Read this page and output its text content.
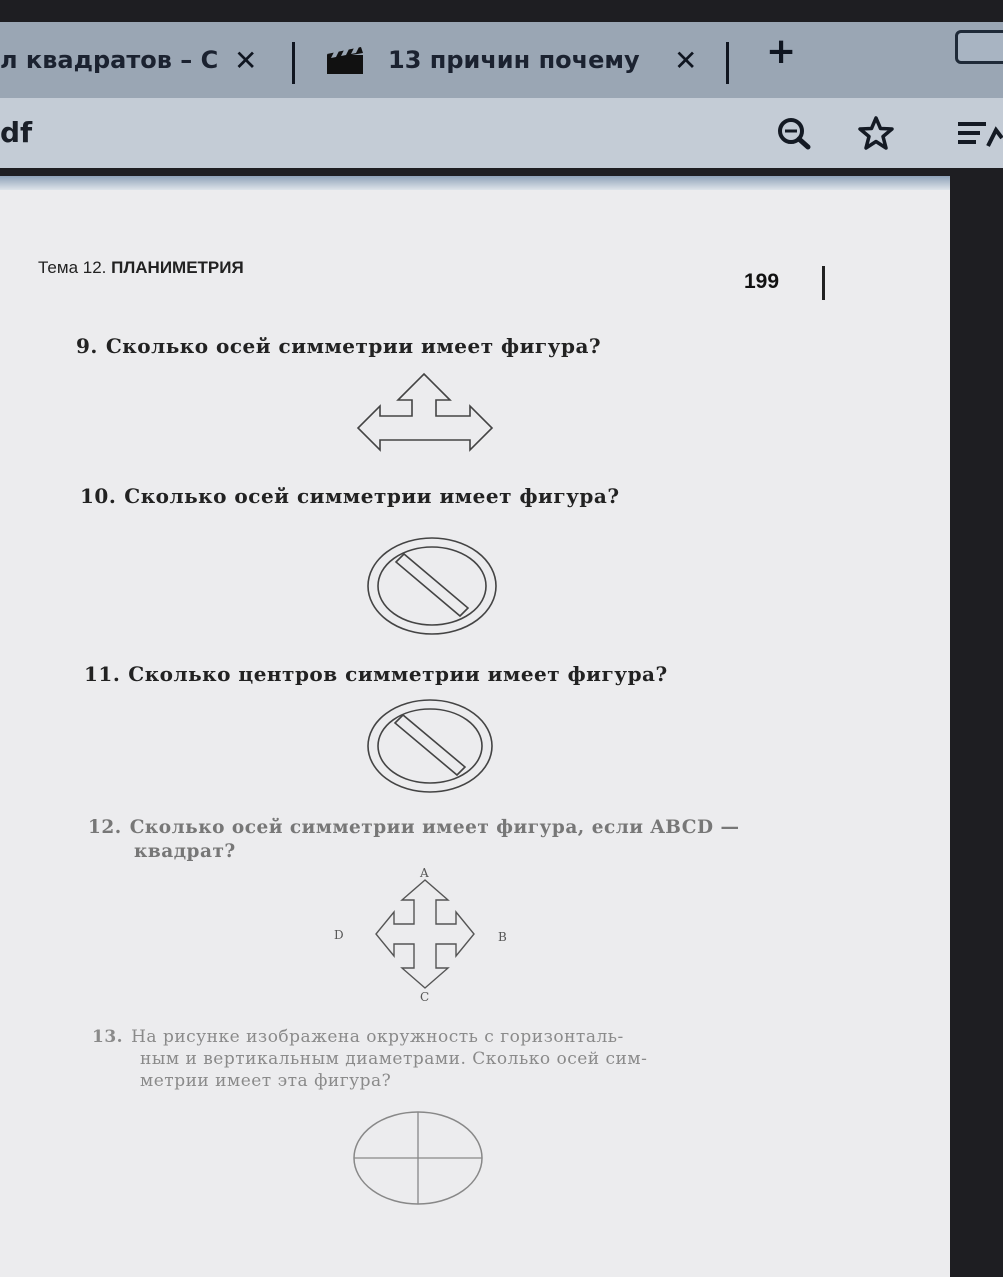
л квадратов – С ✕	13 причин почему	✕ +
df
Тема 12. ПЛАНИМЕТРИЯ
199
9. Сколько осей симметрии имеет фигура?
10. Сколько осей симметрии имеет фигура?
11. Сколько центров симметрии имеет фигура?
12. Сколько осей симметрии имеет фигура, если ABCD —
квадрат?
A
B
C
D
13. На рисунке изображена окружность с горизонталь-
ным и вертикальным диаметрами. Сколько осей сим-
метрии имеет эта фигура?
